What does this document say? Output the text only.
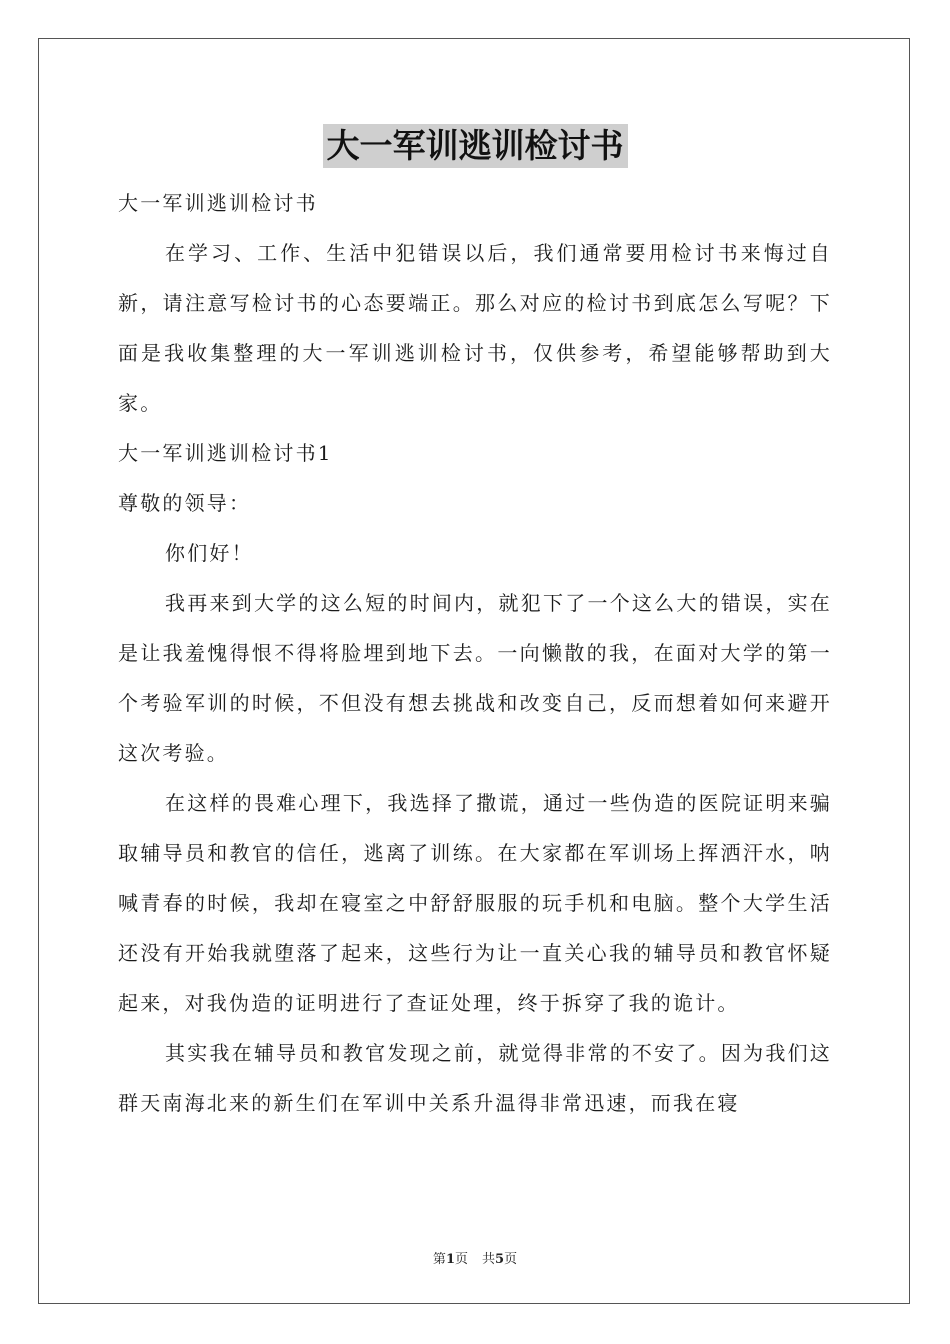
大一军训逃训检讨书

大一军训逃训检讨书

在学习、工作、生活中犯错误以后，我们通常要用检讨书来悔过自新，请注意写检讨书的心态要端正。那么对应的检讨书到底怎么写呢？下面是我收集整理的大一军训逃训检讨书，仅供参考，希望能够帮助到大家。

大一军训逃训检讨书1

尊敬的领导：

你们好！

我再来到大学的这么短的时间内，就犯下了一个这么大的错误，实在是让我羞愧得恨不得将脸埋到地下去。一向懒散的我，在面对大学的第一个考验军训的时候，不但没有想去挑战和改变自己，反而想着如何来避开这次考验。

在这样的畏难心理下，我选择了撒谎，通过一些伪造的医院证明来骗取辅导员和教官的信任，逃离了训练。在大家都在军训场上挥洒汗水，呐喊青春的时候，我却在寝室之中舒舒服服的玩手机和电脑。整个大学生活还没有开始我就堕落了起来，这些行为让一直关心我的辅导员和教官怀疑起来，对我伪造的证明进行了查证处理，终于拆穿了我的诡计。

其实我在辅导员和教官发现之前，就觉得非常的不安了。因为我们这群天南海北来的新生们在军训中关系升温得非常迅速，而我在寝

第1页 共5页
